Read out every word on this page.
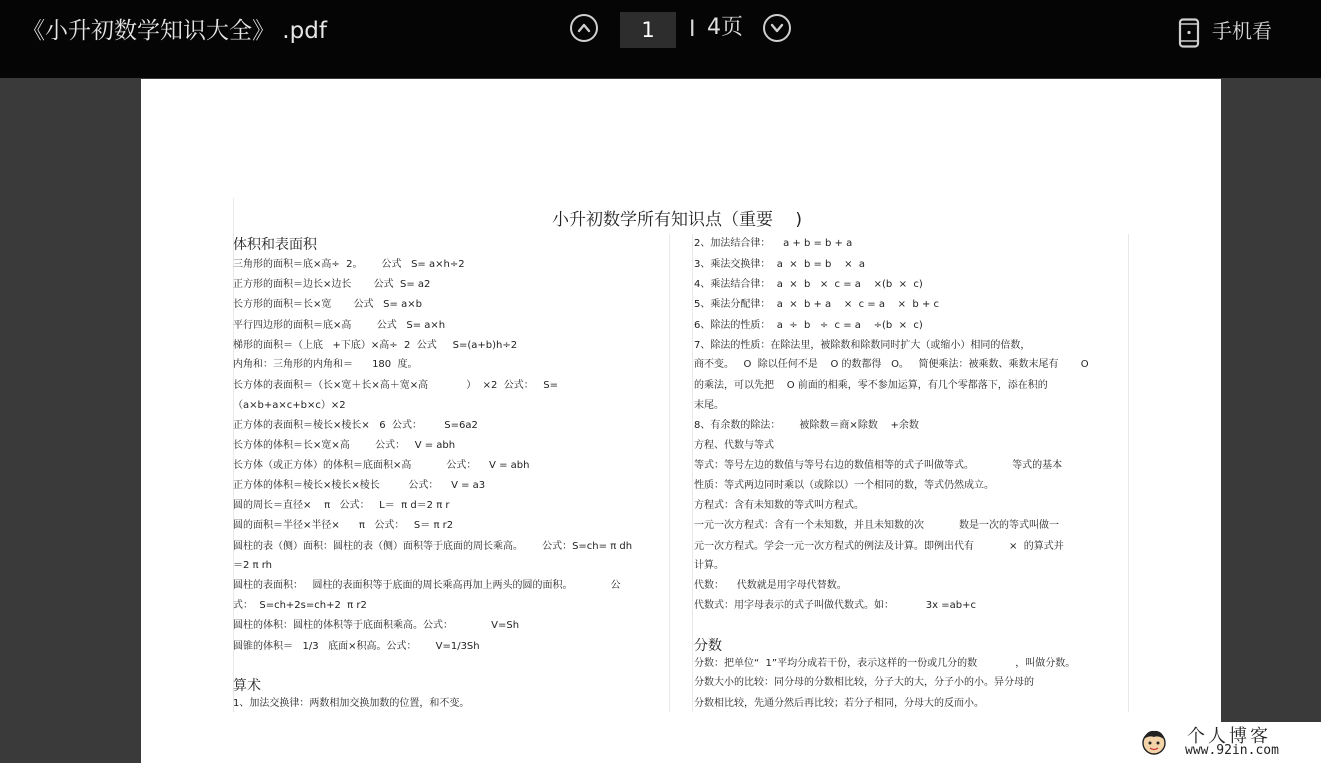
《小升初数学知识大全》 .pdf
1	I 4页	手机看
小升初数学所有知识点（重要　 )
体积和表面积
三角形的面积＝底×高÷  2。      公式   S= a×h÷2
正方形的面积＝边长×边长       公式  S= a2
长方形的面积＝长×宽       公式   S= a×b
平行四边形的面积＝底×高        公式   S= a×h
梯形的面积＝（上底   +下底）×高÷  2  公式     S=(a+b)h÷2
内角和：三角形的内角和＝      180  度。
长方体的表面积＝（长×宽＋长×高＋宽×高            ）  ×2  公式：   S=
（a×b+a×c+b×c）×2
正方体的表面积＝棱长×棱长×   6  公式：       S=6a2
长方体的体积＝长×宽×高        公式：   V = abh
长方体（或正方体）的体积＝底面积×高           公式：    V = abh
正方体的体积＝棱长×棱长×棱长         公式：    V = a3
圆的周长＝直径×    π   公式：   L＝  π d＝2 π r
圆的面积＝半径×半径×      π   公式：   S＝ π r2
圆柱的表（侧）面积：圆柱的表（侧）面积等于底面的周长乘高。      公式：S=ch= π dh
＝2 π rh
圆柱的表面积：   圆柱的表面积等于底面的周长乘高再加上两头的圆的面积。            公
式：  S=ch+2s=ch+2  π r2
圆柱的体积：圆柱的体积等于底面积乘高。公式：            V=Sh
圆锥的体积＝   1/3   底面×积高。公式：      V=1/3Sh
算术
1、加法交换律：两数相加交换加数的位置，和不变。
2、加法结合律：    a + b = b + a
3、乘法交换律：  a  ×  b = b    ×  a
4、乘法结合律：  a  ×  b   ×  c = a    ×(b  ×  c)
5、乘法分配律：  a  ×  b + a    ×  c = a    ×  b + c
6、除法的性质：  a  ÷  b   ÷  c = a    ÷(b  ×  c)
7、除法的性质：在除法里，被除数和除数同时扩大（或缩小）相同的倍数，
商不变。   O  除以任何不是    O 的数都得   O。   简便乘法：被乘数、乘数末尾有       O
的乘法，可以先把    O 前面的相乘，零不参加运算，有几个零都落下，添在积的
末尾。
8、有余数的除法：      被除数＝商×除数    +余数
方程、代数与等式
等式：等号左边的数值与等号右边的数值相等的式子叫做等式。            等式的基本
性质：等式两边同时乘以（或除以）一个相同的数，等式仍然成立。
方程式：含有未知数的等式叫方程式。
一元一次方程式：含有一个未知数，并且未知数的次           数是一次的等式叫做一
元一次方程式。学会一元一次方程式的例法及计算。即例出代有           ×  的算式并
计算。
代数：    代数就是用字母代替数。
代数式：用字母表示的式子叫做代数式。如：          3x =ab+c
分数
分数：把单位“  1”平均分成若干份，表示这样的一份或几分的数            ，叫做分数。
分数大小的比较：同分母的分数相比较，分子大的大，分子小的小。异分母的
分数相比较，先通分然后再比较；若分子相同，分母大的反而小。
个人博客
www.92in.com
